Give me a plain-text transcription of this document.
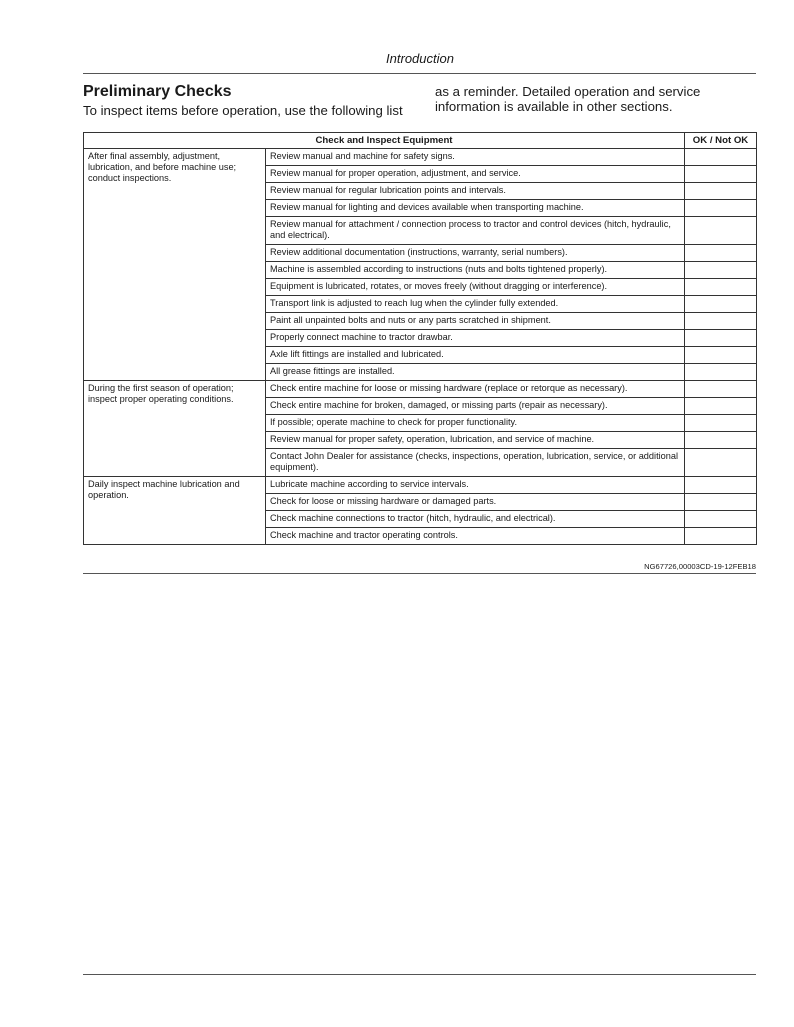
Introduction
Preliminary Checks
To inspect items before operation, use the following list
as a reminder. Detailed operation and service information is available in other sections.
Check and Inspect Equipment		OK / Not OK
After final assembly, adjustment, lubrication, and before machine use; conduct inspections.	Review manual and machine for safety signs.	
	Review manual for proper operation, adjustment, and service.	
	Review manual for regular lubrication points and intervals.	
	Review manual for lighting and devices available when transporting machine.	
	Review manual for attachment / connection process to tractor and control devices (hitch, hydraulic, and electrical).	
	Review additional documentation (instructions, warranty, serial numbers).	
	Machine is assembled according to instructions (nuts and bolts tightened properly).	
	Equipment is lubricated, rotates, or moves freely (without dragging or interference).	
	Transport link is adjusted to reach lug when the cylinder fully extended.	
	Paint all unpainted bolts and nuts or any parts scratched in shipment.	
	Properly connect machine to tractor drawbar.	
	Axle lift fittings are installed and lubricated.	
	All grease fittings are installed.	
During the first season of operation; inspect proper operating conditions.	Check entire machine for loose or missing hardware (replace or retorque as necessary).	
	Check entire machine for broken, damaged, or missing parts (repair as necessary).	
	If possible; operate machine to check for proper functionality.	
	Review manual for proper safety, operation, lubrication, and service of machine.	
	Contact John Dealer for assistance (checks, inspections, operation, lubrication, service, or additional equipment).	
Daily inspect machine lubrication and operation.	Lubricate machine according to service intervals.	
	Check for loose or missing hardware or damaged parts.	
	Check machine connections to tractor (hitch, hydraulic, and electrical).	
	Check machine and tractor operating controls.	
NG67726,00003CD-19-12FEB18
